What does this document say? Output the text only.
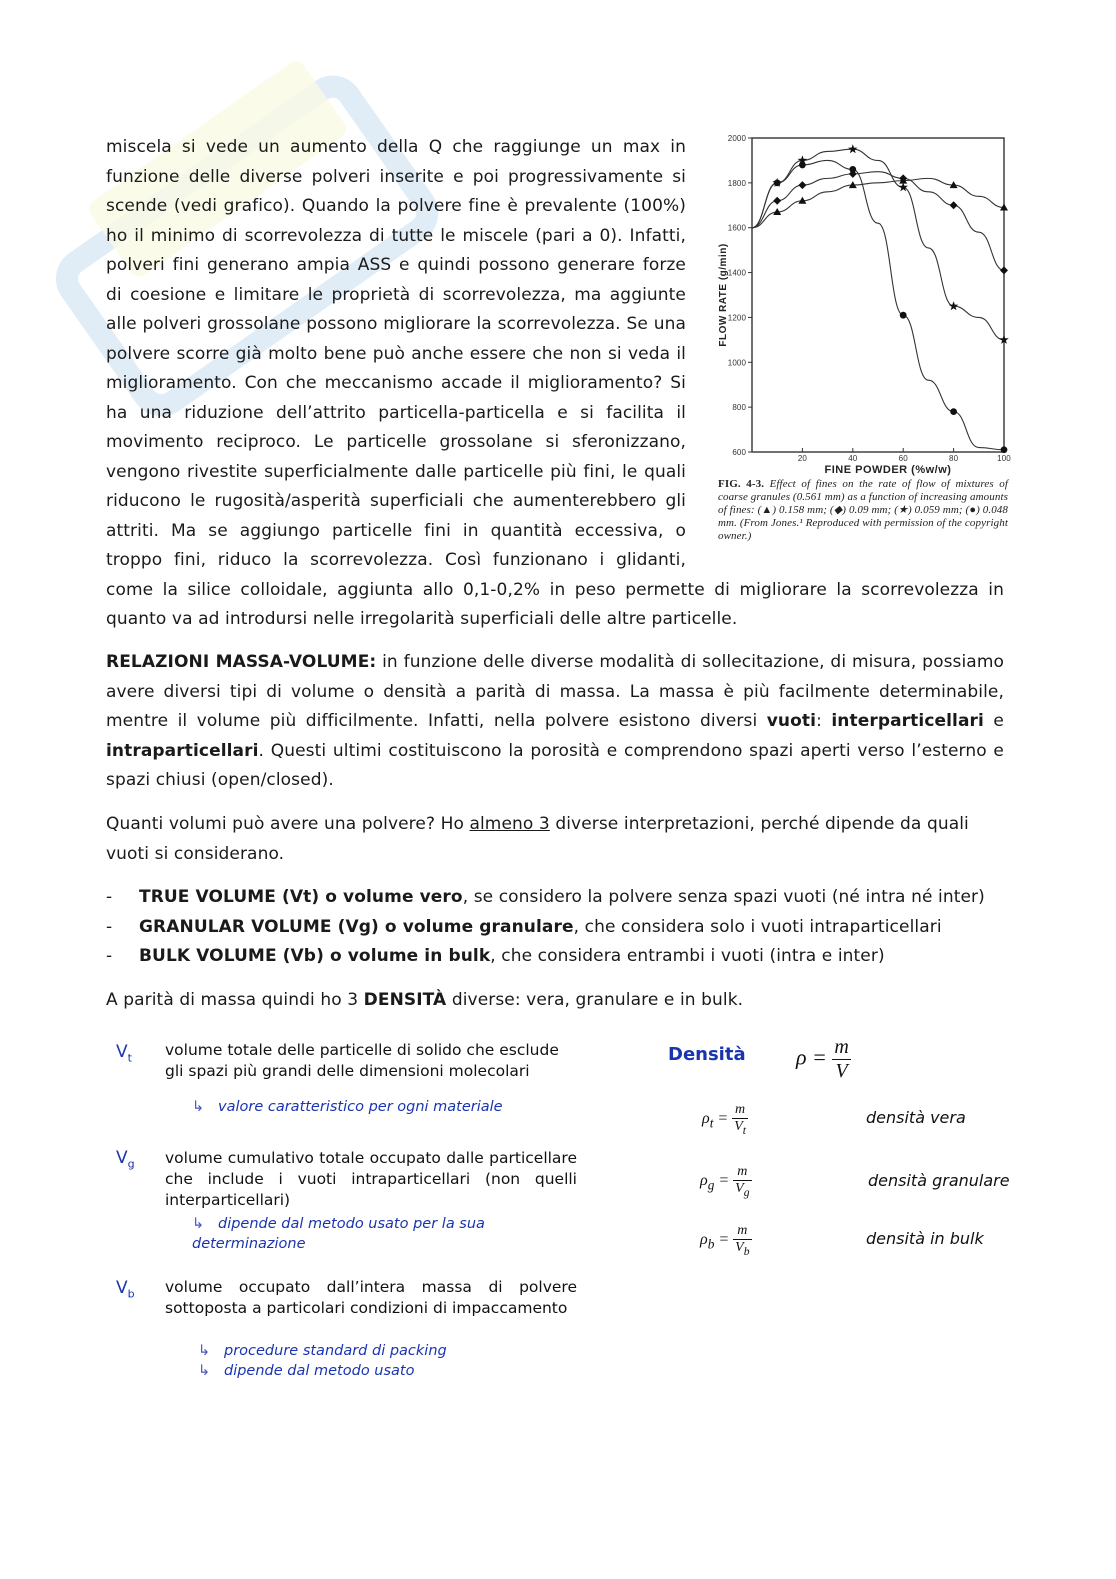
600
800
1000
1200
1400
1600
1800
2000
20	40	60	80	100
FINE POWDER (%w/w)
FLOW RATE (g/min)
FIG. 4-3. Effect of fines on the rate of flow of mixtures of coarse granules (0.561 mm) as a function of increasing amounts of fines: (▲) 0.158 mm; (◆) 0.09 mm; (★) 0.059 mm; (●) 0.048 mm. (From Jones.¹ Reproduced with permission of the copyright owner.)

miscela si vede un aumento della Q che raggiunge un max in funzione delle diverse polveri inserite e poi progressivamente si scende (vedi grafico). Quando la polvere fine è prevalente (100%) ho il minimo di scorrevolezza di tutte le miscele (pari a 0). Infatti, polveri fini generano ampia ASS e quindi possono generare forze di coesione e limitare le proprietà di scorrevolezza, ma aggiunte alle polveri grossolane possono migliorare la scorrevolezza. Se una polvere scorre già molto bene può anche essere che non si veda il miglioramento. Con che meccanismo accade il miglioramento? Si ha una riduzione dell’attrito particella-particella e si facilita il movimento reciproco. Le particelle grossolane si sferonizzano, vengono rivestite superficialmente dalle particelle più fini, le quali riducono le rugosità/asperità superficiali che aumenterebbero gli attriti. Ma se aggiungo particelle fini in quantità eccessiva, o troppo fini, riduco la scorrevolezza. Così funzionano i glidanti, come la silice colloidale, aggiunta allo 0,1-0,2% in peso permette di migliorare la scorrevolezza in quanto va ad introdursi nelle irregolarità superficiali delle altre particelle.

RELAZIONI MASSA-VOLUME: in funzione delle diverse modalità di sollecitazione, di misura, possiamo avere diversi tipi di volume o densità a parità di massa. La massa è più facilmente determinabile, mentre il volume più difficilmente. Infatti, nella polvere esistono diversi vuoti: interparticellari e intraparticellari. Questi ultimi costituiscono la porosità e comprendono spazi aperti verso l’esterno e spazi chiusi (open/closed).

Quanti volumi può avere una polvere? Ho almeno 3 diverse interpretazioni, perché dipende da quali vuoti si considerano.

- TRUE VOLUME (Vt) o volume vero, se considero la polvere senza spazi vuoti (né intra né inter)
- GRANULAR VOLUME (Vg) o volume granulare, che considera solo i vuoti intraparticellari
- BULK VOLUME (Vb) o volume in bulk, che considera entrambi i vuoti (intra e inter)

A parità di massa quindi ho 3 DENSITÀ diverse: vera, granulare e in bulk.

$V_t$ volume totale delle particelle di solido che esclude gli spazi più grandi delle dimensioni molecolari
↳ valore caratteristico per ogni materiale
$V_g$ volume cumulativo totale occupato dalle particellare che include i vuoti intraparticellari (non quelli interparticellari)
↳ dipende dal metodo usato per la sua determinazione
$V_b$ volume occupato dall’intera massa di polvere sottoposta a particolari condizioni di impaccamento
↳ procedure standard di packing
↳ dipende dal metodo usato
Densità $\rho = \frac{m}{V}$
$\rho_t = \frac{m}{V_t}$	densità vera
$\rho_g = \frac{m}{V_g}$	densità granulare
$\rho_b = \frac{m}{V_b}$	densità in bulk
